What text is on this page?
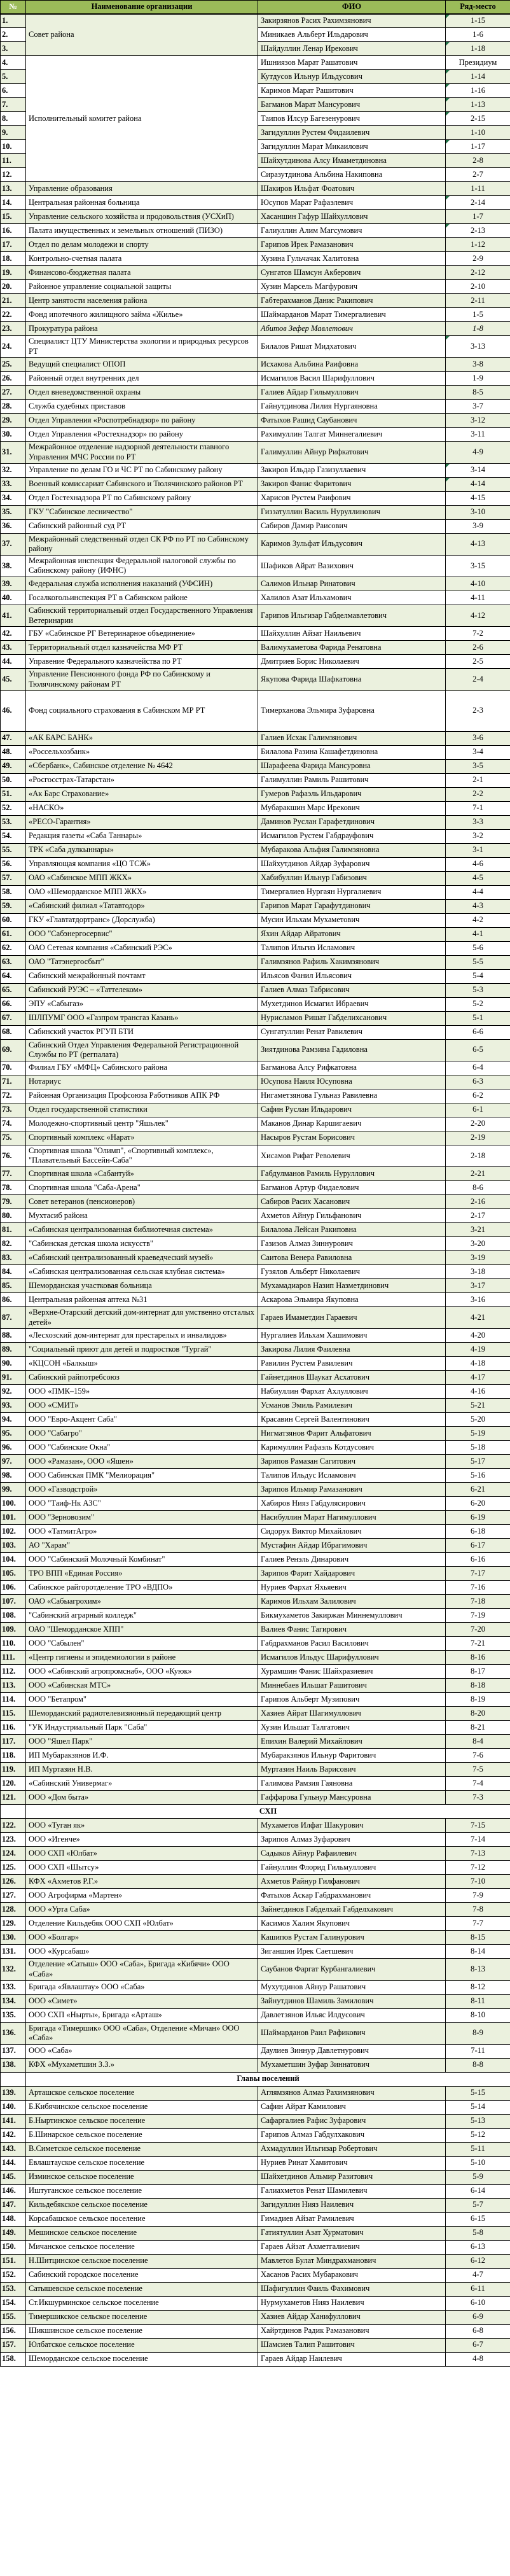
№	Наименование организации	ФИО	Ряд-место
1.	Совет района	Закирзянов Расих Рахимзянович	1-15

2.		Миникаев Альберт Ильдарович	1-6
3.		Шайдуллин Ленар Ирекович	1-18

4.	Исполнительный комитет района	Ишниязов Марат Рашатович	Президиум
5.		Кутдусов Ильнур Ильдусович	1-14

6.		Каримов Марат Рашитович	1-16

7.		Багманов Марат Мансурович	1-13

8.		Таипов Илсур Багезенурович	2-15

9.		Загидуллин Рустем Фидаилевич	1-10
10.		Загидуллин Марат Микаилович	1-17

11.		Шайхутдинова Алсу Имаметдиновна	2-8
12.		Сиразутдинова Альбина Накиповна	2-7
13.	Управление образования	Шакиров Ильфат Фоатович	1-11
14.	Центральная районная больница	Юсупов Марат Рафаэлевич	2-14

15.	Управление сельского хозяйства и продовольствия (УСХиП)	Хасаншин Гафур Шайхуллович	1-7
16.	Палата имущественных и земельных отношений (ПИЗО)	Галиуллин Алим Магсумович	2-13

17.	Отдел по делам молодежи и спорту	Гарипов Ирек Рамазанович	1-12
18.	Контрольно-счетная палата	Хузина Гульчачак Халитовна	2-9
19.	Финансово-бюджетная палата	Сунгатов Шамсун Акберович	2-12
20.	Районное управление социальной защиты	Хузин Марсель Магфурович	2-10
21.	Центр занятости населения района	Габтерахманов Данис Ракипович	2-11
22.	Фонд ипотечного жилищного займа «Жилье»	Шаймарданов Марат Тимергалиевич	1-5
23.	Прокуратура района	Абитов Зефер Мавлетович	1-8
24.	Специалист ЦТУ Министерства экологии и природных ресурсов РТ	Билалов Ришат Мидхатович	3-13

25.	Ведущий специалист ОПОП	Исхакова Альбина Раифовна	3-8
26.	Районный отдел внутренних дел	Исмагилов Васил Шарифуллович	1-9
27.	Отдел вневедомственной охраны	Галиев Айдар Гильмуллович	8-5
28.	Служба судебных приставов	Гайнутдинова Лилия Нургаяновна	3-7
29.	Отдел Управления «Роспотребнадзор» по району	Фатыхов Рашид Саубанович	3-12
30.	Отдел Управления «Ростехнадзор» по району	Рахимуллин Талгат Миннегалиевич	3-11
31.	Межрайонное отделение надзорной деятельности главного Управления МЧС России по РТ	Галимуллин Айнур Рифкатович	4-9
32.	Управление по делам ГО и ЧС РТ по Сабинскому району	Закиров Ильдар Газизуллаевич	3-14

33.	Военный комиссариат Сабинского и Тюлячинского районов РТ	Закиров Фанис Фаритович	4-14

34.	Отдел Гостехнадзора РТ по Сабинскому району	Харисов Рустем Раифович	4-15
35.	ГКУ "Сабинское лесничество"	Гиззатуллин Василь Нуруллинович	3-10
36.	Сабинский районный суд РТ	Сабиров Дамир Раисович	3-9
37.	Межрайонный следственный отдел СК РФ по РТ по Сабинскому району	Каримов Зульфат Ильдусович	4-13
38.	Межрайонная инспекция Федеральной налоговой службы по Сабинскому району (ИФНС)	Шафиков Айрат Вазихович	3-15
39.	Федеральная служба исполнения наказаний (УФСИН)	Салимов Ильнар Ринатович	4-10
40.	Госалкогольинспекция РТ в Сабинском районе	Халилов Азат Ильхамович	4-11
41.	Сабинский территориальный отдел Государственного Управления Ветеринарии	Гарипов Ильгизар Габделмавлетович	4-12
42.	ГБУ «Сабинское РГ Ветеринарное объединение»	Шайхуллин Айзат Наильевич	7-2
43.	Территориальный отдел казначейства МФ РТ	Валимухаметова Фарида Ренатовна	2-6
44.	Управение Федерального казначейства по РТ	Дмитриев Борис Николаевич	2-5
45.	Управление Пенсионного фонда РФ по Сабинскому и Тюлячинскому районам РТ	Якупова Фарида Шафкатовна	2-4
46.	Фонд социального страхования в Сабинском МР РТ	Тимерханова Эльмира Зуфаровна	2-3
47.	«АК БАРС БАНК»	Галиев Исхак Галимзянович	3-6
48.	«Россельхозбанк»	Билалова Разина Кашафетдиновна	3-4
49.	«Сбербанк», Сабинское отделение № 4642	Шарафеева Фарида Мансуровна	3-5
50.	«Росгосстрах-Татарстан»	Галимуллин Рамиль Рашитович	2-1
51.	«Ак Барс Страхование»	Гумеров Рафаэль Ильдарович	2-2
52.	«НАСКО»	Мубаракшин Марс Ирекович	7-1
53.	«РЕСО-Гарантия»	Даминов Руслан Гарафетдинович	3-3
54.	Редакция газеты «Саба Таннары»	Исмагилов Рустем Габдрауфович	3-2
55.	ТРК «Саба дулкыннары»	Мубаракова Альфия Галимзяновна	3-1
56.	Управляющая компания «ЦО ТСЖ»	Шайхутдинов Айдар Зуфарович	4-6
57.	ОАО «Сабинское МПП ЖКХ»	Хабибуллин Ильнур Габизович	4-5
58.	ОАО «Шеморданское МПП ЖКХ»	Тимергалиев Нургаян Нургалиевич	4-4
59.	«Сабинский филиал «Татавтодор»	Гарипов Марат Гарафутдинович	4-3
60.	ГКУ «Главтатдортранс» (Дорслужба)	Мусин Ильхам Мухаметович	4-2
61.	ООО "Сабэнергосервис"	Яхин Айдар Айратович	4-1
62.	ОАО Сетевая компания «Сабинский РЭС»	Талипов Ильгиз Исламович	5-6
63.	ОАО "Татэнергосбыт"	Галимзянов Рафиль Хакимзянович	5-5
64.	Сабинский межрайонный почтамт	Ильясов Фанил Ильясович	5-4
65.	Сабинский РУЭС – «Таттелеком»	Галиев Алмаз Табрисович	5-3
66.	ЭПУ «Сабыгаз»	Мухетдинов Исмагил Ибраевич	5-2
67.	ШЛПУМГ ООО «Газпром трансгаз Казань»	Нурисламов Ришат Габделихсанович	5-1
68.	Сабинский участок РГУП БТИ	Сунгатуллин Ренат Равилевич	6-6
69.	Сабинский Отдел Управления Федеральной Регистрационной Службы по РТ (регпалата)	Зиятдинова Рамзина Гадиловна	6-5
70.	Филиал ГБУ «МФЦ» Сабинского района	Багманова Алсу Рифкатовна	6-4
71.	Нотариус	Юсупова Наиля Юсуповна	6-3
72.	Районная Организация Профсоюза Работников АПК РФ	Нигаметзянова Гульназ Равилевна	6-2
73.	Отдел государственной статистики	Сафин Руслан Ильдарович	6-1
74.	Молодежно-спортивный центр "Яшьлек"	Маканов Динар Каршигаевич	2-20
75.	Спортивный комплекс «Нарат»	Насыров Рустам Борисович	2-19
76.	Спортивная школа "Олимп", «Спортивный комплекс», "Плавательный Бассейн-Саба"	Хисамов Рифат Револевич	2-18
77.	Спортивная школа «Сабантуй»	Габдулманов Рамиль Нуруллович	2-21
78.	Спортивная школа "Саба-Арена"	Багманов Артур Фидаелович	8-6
79.	Совет ветеранов (пенсионеров)	Сабиров Расих Хасанович	2-16
80.	Мухтасиб района	Ахметов Айнур Гильфанович	2-17
81.	«Сабинская централизованная библиотечная система»	Билалова Лейсан Ракиповна	3-21
82.	"Сабинская детская школа искусств"	Газизов Алмаз Зиннурович	3-20
83.	«Сабинский централизованный краеведческий музей»	Саитова Венера Равиловна	3-19
84.	«Сабинская централизованная сельская клубная система»	Гузялов Альберт Николаевич	3-18
85.	Шеморданская участковая больница	Мухамадиаров Назип Назметдинович	3-17
86.	Центральная районная аптека №31	Аскарова Эльмира Якуповна	3-16
87.	«Верхне-Отарский детский дом-интернат для умственно отсталых детей»	Гараев Имаметдин Гараевич	4-21
88.	«Лесхозский дом-интернат для престарелых и инвалидов»	Нургалиев Ильхам Хашимович	4-20
89.	"Социальный приют для детей и подростков "Тургай"	Закирова Лилия Фаилевна	4-19
90.	«КЦСОН «Балкыш»	Равилин Рустем Равилевич	4-18
91.	Сабинский райпотребсоюз	Гайнетдинов Шаукат Асхатович	4-17
92.	ООО «ПМК–159»	Набиуллин Фархат Ахлуллович	4-16
93.	ООО «СМИТ»	Усманов Эмиль Рамилевич	5-21
94.	ООО "Евро-Акцент Саба"	Красавин Сергей Валентинович	5-20
95.	ООО "Сабагро"	Нигматзянов Фарит Альфатович	5-19
96.	ООО "Сабинские Окна"	Каримуллин Рафаэль Котдусович	5-18
97.	ООО «Рамазан», ООО «Яшен»	Зарипов Рамазан Сагитович	5-17
98.	ООО Сабинская ПМК "Мелиорация"	Талипов Ильдус Исламович	5-16
99.	ООО «Газводстрой»	Зарипов Ильмир Рамазанович	6-21
100.	ООО "Таиф-Нк АЗС"	Хабиров Нияз Габдулясирович	6-20
101.	ООО "Зерновозим"	Насибуллин Марат Нагимуллович	6-19
102.	ООО «ТатмитАгро»	Сидорук Виктор Михайлович	6-18
103.	АО "Харам"	Мустафин Айдар Ибрагимович	6-17
104.	ООО "Сабинский Молочный Комбинат"	Галиев Ренэль Динарович	6-16
105.	ТРО ВПП «Единая Россия»	Зарипов Фарит Хайдарович	7-17
106.	Сабинское райгоротделение ТРО «ВДПО»	Нуриев Фархат Яхьяевич	7-16
107.	ОАО «Сабыагрохим»	Каримов Ильхам Залилович	7-18
108.	"Сабинский аграрный колледж"	Бикмухаметов Закиржан Миннемуллович	7-19
109.	ОАО "Шеморданское ХПП"	Валиев Фанис Тагирович	7-20
110.	ООО "Сабылен"	Габдрахманов Расил Василович	7-21
111.	«Центр гигиены и эпидемиологии в районе	Исмагилов Ильдус Шарифуллович	8-16
112.	ООО «Сабинский агропромснаб», ООО «Куюк»	Хурамшин Фанис Шайхразиевич	8-17
113.	ООО «Сабинская МТС»	Миннебаев Ильшат Рашитович	8-18
114.	ООО "Бетапром"	Гарипов Альберт Музипович	8-19
115.	Шеморданский радиотелевизионный передающий центр	Хазиев Айрат Шагимуллович	8-20
116.	"УК Индустриальный Парк "Саба"	Хузин Ильшат Талгатович	8-21
117.	ООО "Яшел Парк"	Епихин Валерий Михайлович	8-4
118.	ИП Мубаракзянов И.Ф.	Мубаракзянов Ильнур Фаритович	7-6
119.	ИП Муртазин Н.В.	Муртазин Наиль Варисович	7-5
120.	«Сабинский Универмаг»	Галимова Рамзия Гаяновна	7-4
121.	ООО «Дом быта»	Гаффарова Гульнур Мансуровна	7-3
	СХП		
122.	ООО «Туган як»	Мухаметов Илфат Шакурович	7-15
123.	ООО «Игенче»	Зарипов Алмаз Зуфарович	7-14
124.	ООО СХП «Юлбат»	Садыков Айнур Рафаилевич	7-13
125.	ООО СХП «Шытсу»	Гайнуллин Флорид Гильмуллович	7-12
126.	КФХ «Ахметов Р.Г.»	Ахметов Райнур Гилфанович	7-10
127.	ООО Агрофирма «Мартен»	Фатыхов Аскар Габдрахманович	7-9
128.	ООО «Урта Саба»	Зайнетдинов Габделхай Габделхакович	7-8
129.	Отделение Кильдебяк ООО СХП «Юлбат»	Касимов Халим Якупович	7-7
130.	ООО «Болгар»	Кашипов Рустам Галинурович	8-15
131.	ООО «Курсабаш»	Зиганшин Ирек Саетшевич	8-14
132.	Отделение «Сатыш» ООО «Саба», Бригада «Кибячи» ООО «Саба»	Саубанов Фаргат Курбангалиевич	8-13
133.	Бригада «Явлаштау» ООО «Саба»	Мухутдинов Айнур Рашатович	8-12
134.	ООО «Симет»	Зайнутдинов Шамиль Замилович	8-11
135.	ООО СХП «Нырты», Бригада «Арташ»	Давлетзянов Ильяс Илдусович	8-10
136.	Бригада «Тимершик» ООО «Саба», Отделение «Мичан» ООО «Саба»	Шаймарданов Раил Рафикович	8-9
137.	ООО «Саба»	Даулиев Зиннур Давлетнурович	7-11
138.	КФХ «Мухаметшин З.З.»	Мухаметшин Зуфар Зиннатович	8-8
	Главы поселений		
139.	Арташское сельское поселение	Аглямзянов Алмаз Рахимзянович	5-15
140.	Б.Кибячинское сельское поселение	Сафин Айрат Камилович	5-14
141.	Б.Ныртинское сельское поселение	Сафаргалиев Рафис Зуфарович	5-13
142.	Б.Шинарское сельское поселение	Гарипов Алмаз Габдулхакович	5-12
143.	В.Симетское сельское поселение	Ахмадуллин Ильгизар Робертович	5-11
144.	Евлаштауское сельское поселение	Нуриев Ринат Хамитович	5-10
145.	Изминское сельское поселение	Шайхетдинов Альмир Разитович	5-9
146.	Иштуганское сельское поселение	Галиахметов Ренат Шамилевич	6-14
147.	Кильдебякское сельское поселение	Загидуллин Нияз Наилевич	5-7
148.	Корсабашское сельское поселение	Гимадиев Айзат Рамилевич	6-15
149.	Мешинское сельское поселение	Гатиятуллин Азат Хурматович	5-8
150.	Мичанское сельское поселение	Гараев Айзат Ахметгалиевич	6-13
151.	Н.Шитцинское сельское поселение	Мавлетов Булат Миндрахманович	6-12
152.	Сабинский городское поселение	Хасанов Расих Мубаракович	4-7
153.	Сатышевское сельское поселение	Шафигуллин Фаиль Фахимович	6-11
154.	Ст.Икшурминское сельское поселение	Нурмухаметов Нияз Наилевич	6-10
155.	Тимершикское сельское поселение	Хазиев Айдар Ханифуллович	6-9
156.	Шикшинское сельское поселение	Хайртдинов Радик Рамазанович	6-8
157.	Юлбатское сельское поселение	Шамсиев Талип Рашитович	6-7
158.	Шеморданское сельское поселение	Гараев Айдар Наилевич	4-8
